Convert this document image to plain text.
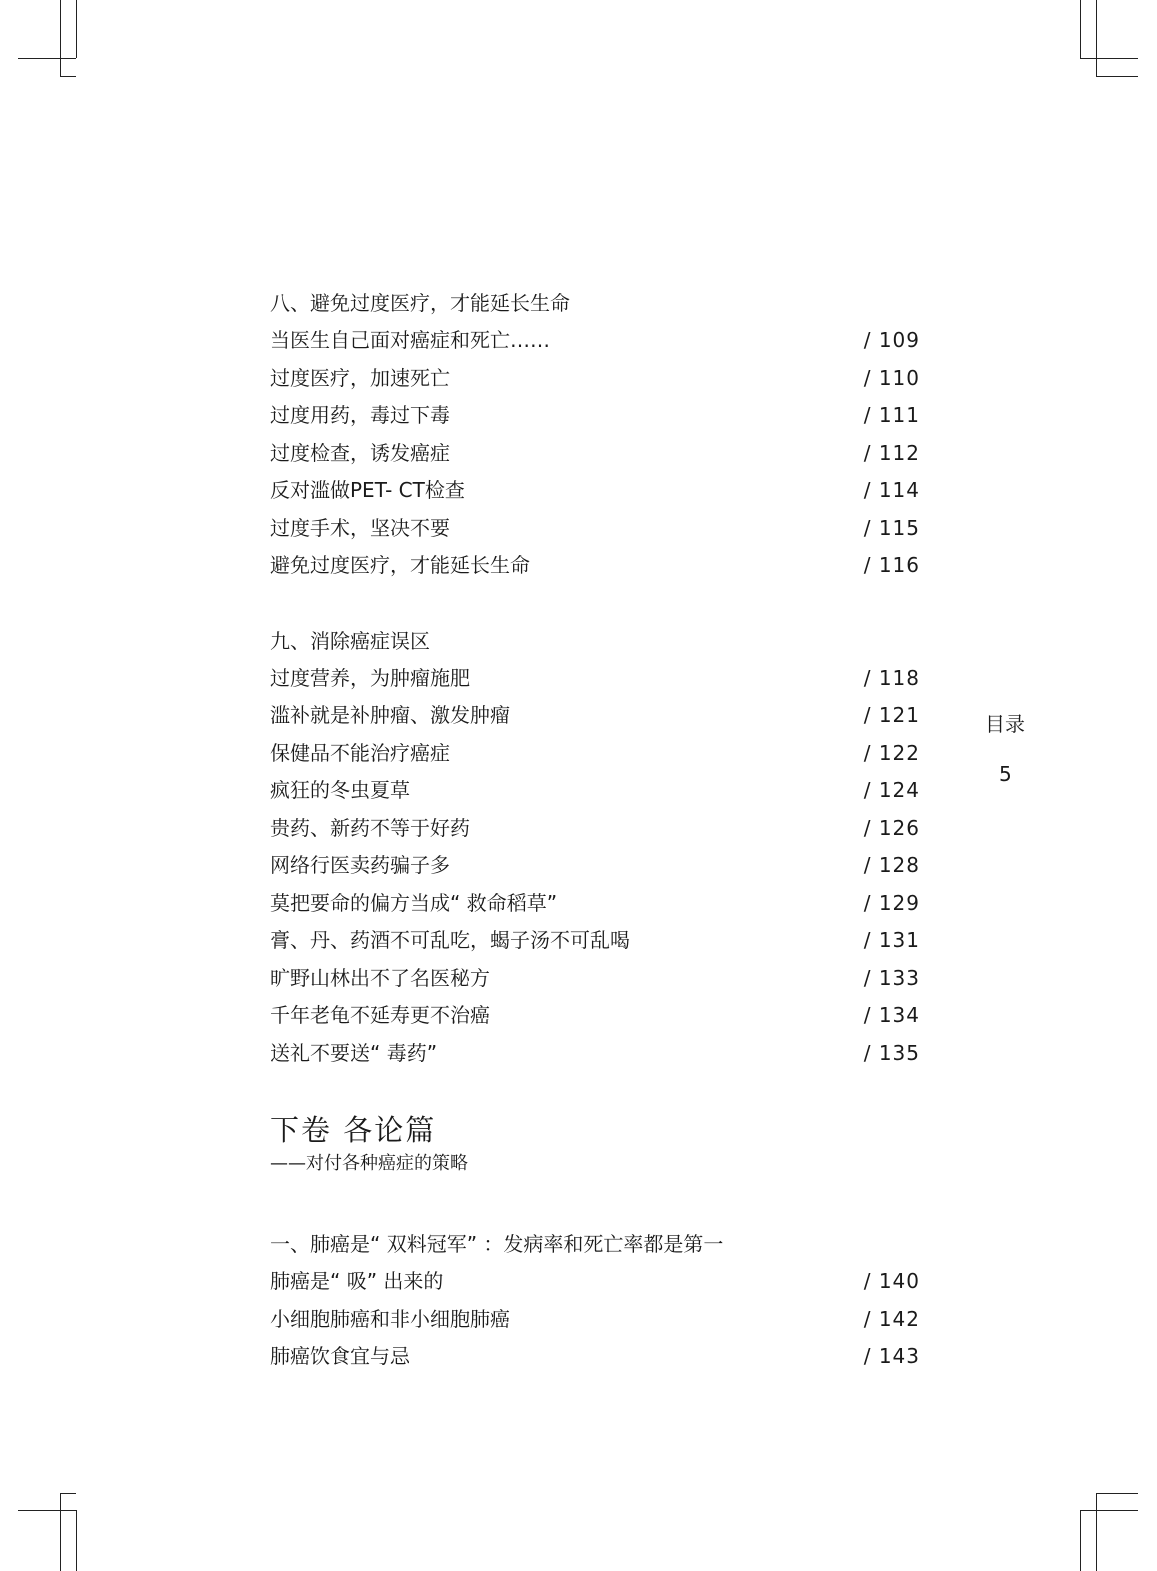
八、避免过度医疗，才能延长生命
当医生自己面对癌症和死亡……	/ 109
过度医疗，加速死亡	/ 110
过度用药，毒过下毒	/ 111
过度检查，诱发癌症	/ 112
反对滥做PET- CT检查	/ 114
过度手术，坚决不要	/ 115
避免过度医疗，才能延长生命	/ 116
九、消除癌症误区
过度营养，为肿瘤施肥	/ 118
滥补就是补肿瘤、激发肿瘤	/ 121
保健品不能治疗癌症	/ 122
疯狂的冬虫夏草	/ 124
贵药、新药不等于好药	/ 126
网络行医卖药骗子多	/ 128
莫把要命的偏方当成“ 救命稻草”	/ 129
膏、丹、药酒不可乱吃，蝎子汤不可乱喝	/ 131
旷野山林出不了名医秘方	/ 133
千年老龟不延寿更不治癌	/ 134
送礼不要送“ 毒药”	/ 135
下卷 各论篇
——对付各种癌症的策略
一、肺癌是“ 双料冠军” ：发病率和死亡率都是第一
肺癌是“ 吸” 出来的	/ 140
小细胞肺癌和非小细胞肺癌	/ 142
肺癌饮食宜与忌	/ 143
目录
5
